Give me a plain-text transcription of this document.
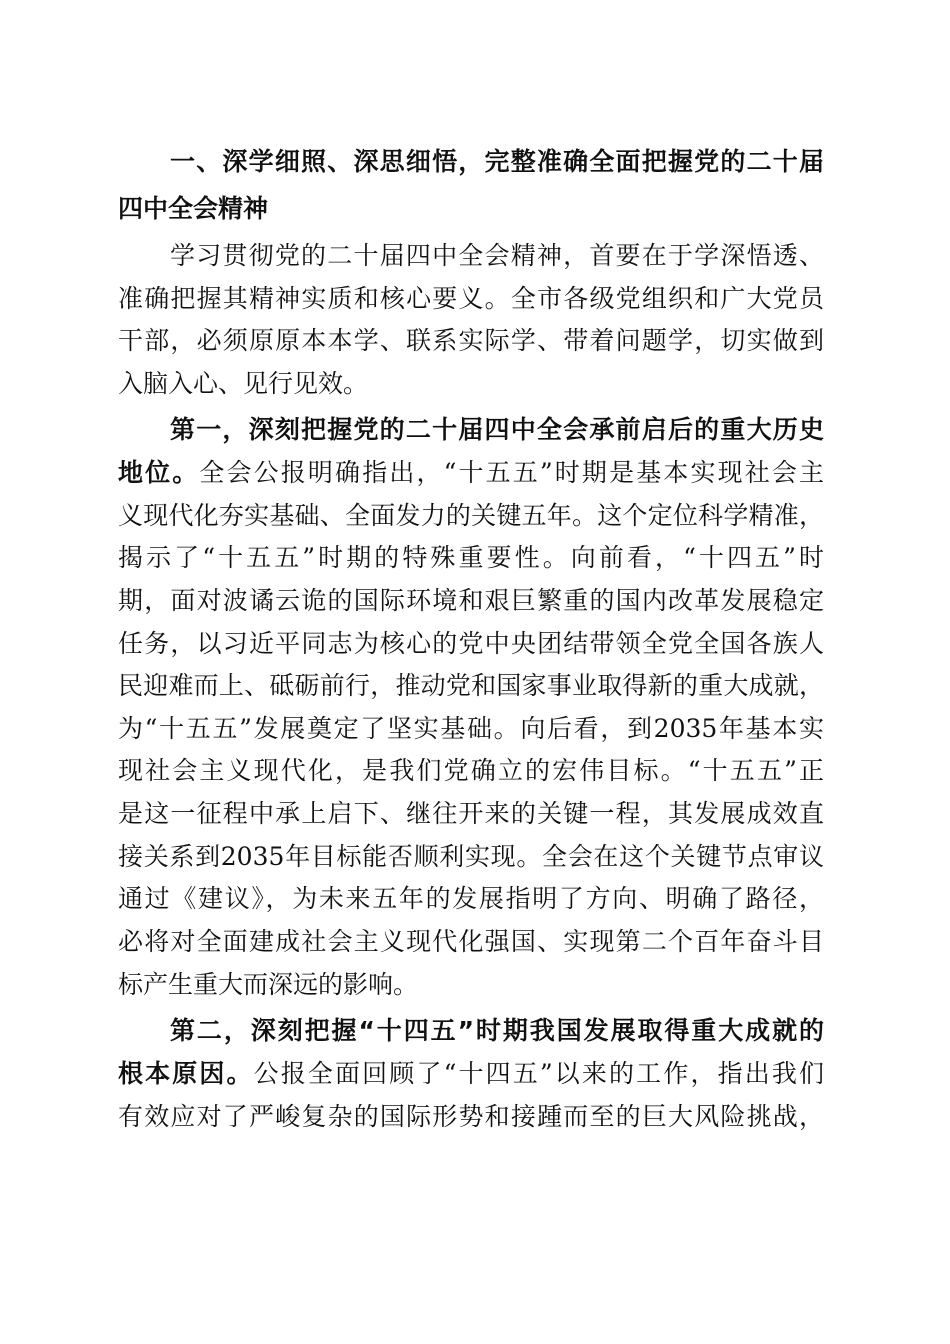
一、深学细照、深思细悟，完整准确全面把握党的二十届
四中全会精神
学习贯彻党的二十届四中全会精神，首要在于学深悟透、
准确把握其精神实质和核心要义。全市各级党组织和广大党员
干部，必须原原本本学、联系实际学、带着问题学，切实做到
入脑入心、见行见效。
第一，深刻把握党的二十届四中全会承前启后的重大历史
地位。全会公报明确指出，“十五五”时期是基本实现社会主
义现代化夯实基础、全面发力的关键五年。这个定位科学精准，
揭示了“十五五”时期的特殊重要性。向前看，“十四五”时
期，面对波谲云诡的国际环境和艰巨繁重的国内改革发展稳定
任务，以习近平同志为核心的党中央团结带领全党全国各族人
民迎难而上、砥砺前行，推动党和国家事业取得新的重大成就，
为“十五五”发展奠定了坚实基础。向后看，到2035年基本实
现社会主义现代化，是我们党确立的宏伟目标。“十五五”正
是这一征程中承上启下、继往开来的关键一程，其发展成效直
接关系到2035年目标能否顺利实现。全会在这个关键节点审议
通过《建议》，为未来五年的发展指明了方向、明确了路径，
必将对全面建成社会主义现代化强国、实现第二个百年奋斗目
标产生重大而深远的影响。
第二，深刻把握“十四五”时期我国发展取得重大成就的
根本原因。公报全面回顾了“十四五”以来的工作，指出我们
有效应对了严峻复杂的国际形势和接踵而至的巨大风险挑战，
